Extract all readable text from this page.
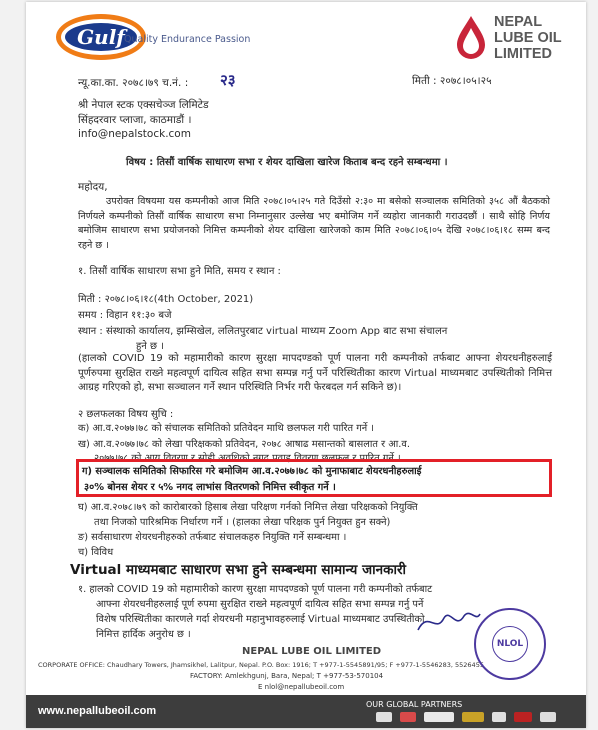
Gulf Quality Endurance Passion
NEPAL
LUBE OIL
LIMITED
न्यू.का.का. २०७८।७९ च.नं. : २३	मिती : २०७८।०५।२५
श्री नेपाल स्टक एक्सचेञ्ज लिमिटेड
सिंहदरवार प्लाजा, काठमाडौं ।
info@nepalstock.com
विषय : तिसौं वार्षिक साधारण सभा र शेयर दाखिला खारेज किताब बन्द रहने सम्बन्धमा ।
महोदय,
उपरोक्त विषयमा यस कम्पनीको आज मिति २०७८।०५।२५ गते दिउँसो २:३० मा बसेको सञ्चालक समितिको ३५८ औं बैठकको निर्णयले कम्पनीको तिसौं वार्षिक साधारण सभा निम्नानुसार उल्लेख भए बमोजिम गर्ने व्यहोरा जानकारी गराउदछौं । साथै सोहि निर्णय बमोजिम साधारण सभा प्रयोजनको निमित्त कम्पनीको शेयर दाखिला खारेजको काम मिति २०७८।०६।०५ देखि २०७८।०६।१८ सम्म बन्द रहने छ ।
१. तिसौं वार्षिक साधारण सभा हुने मिति, समय र स्थान :
मिती : २०७८।०६।१८(4th October, 2021)
समय : विहान ११:३० बजे
स्थान : संस्थाको कार्यालय, झम्सिखेल, ललितपुरबाट virtual माध्यम Zoom App बाट सभा संचालन
हुने छ ।
(हालको COVID 19 को महामारीको कारण सुरक्षा मापदण्डको पूर्ण पालना गरी कम्पनीको तर्फबाट आफ्ना शेयरधनीहरुलाई पूर्णरुपमा सुरक्षित राख्ने महत्वपूर्ण दायित्व सहित सभा सम्पन्न गर्नु पर्ने परिस्थितीका कारण Virtual माध्यमबाट उपस्थितीको निमित्त आग्रह गरिएको हो, सभा सञ्चालन गर्ने स्थान परिस्थिति निर्भर गरी फेरबदल गर्न सकिने छ)।
२ छलफलका विषय सुचि :
क) आ.व.२०७७।७८ को संचालक समितिको प्रतिवेदन माथि छलफल गरी पारित गर्ने ।
ख) आ.व.२०७७।७८ को लेखा परिक्षकको प्रतिवेदन, २०७८ आषाढ मसान्तको बासलात र आ.व.
२०७७।७८ को आय विवरण र सोही अवधिको नगद प्रवाह विवरण छलफल र पारित गर्ने ।
ग) सञ्चालक समितिको सिफारिस गरे बमोजिम आ.व.२०७७।७८ को मुनाफाबाट शेयरधनीहरुलाई
३०% बोनस शेयर र ५% नगद लाभांस वितरणको निमित्त स्वीकृत गर्ने ।
घ) आ.व.२०७८।७९ को कारोबारको हिसाब लेखा परिक्षण गर्नको निमित्त लेखा परिक्षकको नियुक्ति
तथा निजको पारिश्रमिक निर्धारण गर्ने । (हालका लेखा परिक्षक पुर्न नियुक्त हुन सक्ने)
ङ) सर्वसाधारण शेयरधनीहरुको तर्फबाट संचालकहरु नियुक्ति गर्ने सम्बन्धमा ।
च) विविध
Virtual माध्यमबाट साधारण सभा हुने सम्बन्धमा सामान्य जानकारी
१. हालको COVID 19 को महामारीको कारण सुरक्षा मापदण्डको पूर्ण पालना गरी कम्पनीको तर्फबाट
आफ्ना शेयरधनीहरुलाई पूर्ण रुपमा सुरक्षित राख्ने महत्वपूर्ण दायित्व सहित सभा सम्पन्न गर्नु पर्ने
विशेष परिस्थितीका कारणले गर्दा शेयरधनी महानुभावहरुलाई Virtual माध्यमबाट उपस्थितीको
निमित्त हार्दिक अनुरोध छ ।
NEPAL LUBE OIL LIMITED
CORPORATE OFFICE: Chaudhary Towers, Jhamsikhel, Lalitpur, Nepal. P.O. Box: 1916; T +977-1-5545891/95; F +977-1-5546283, 5526455
FACTORY: Amlekhgunj, Bara, Nepal; T +977-53-570104
E nlol@nepallubeoil.com
NLOL
www.nepallubeoil.com
OUR GLOBAL PARTNERS
